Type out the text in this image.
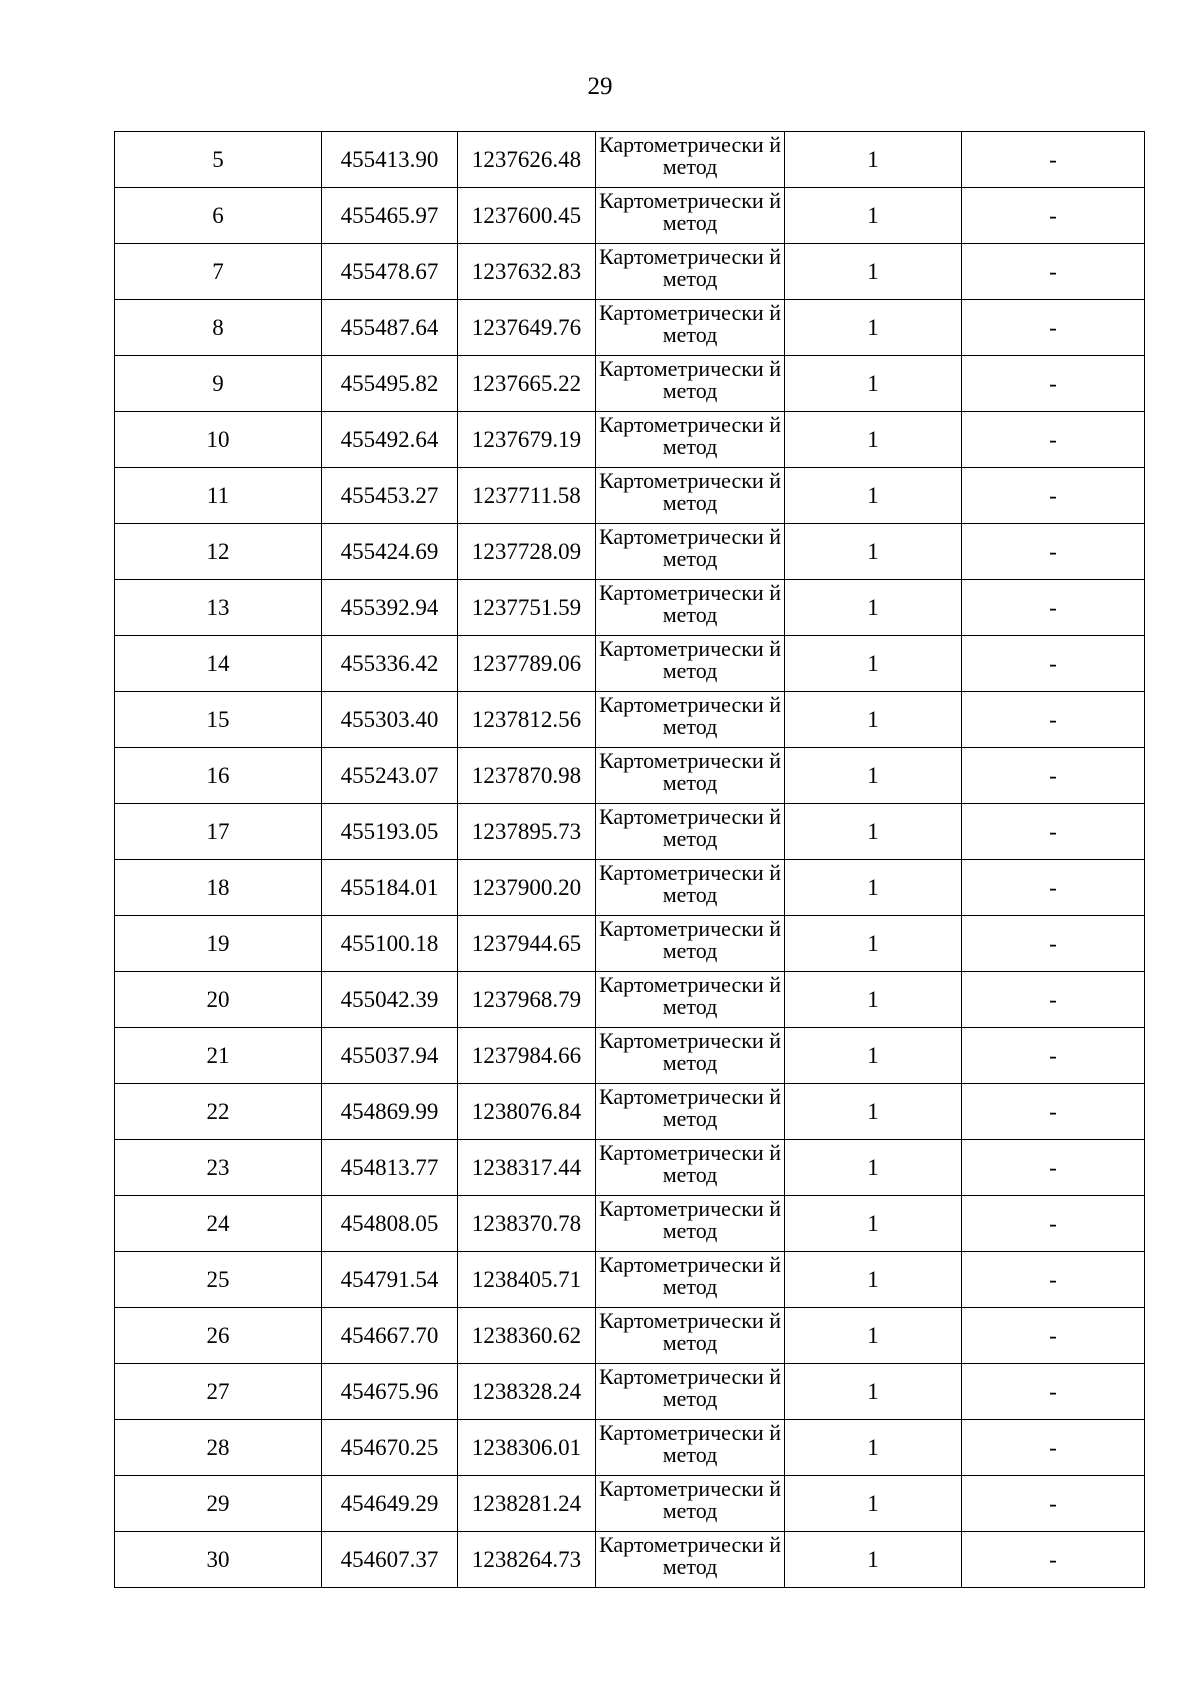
29
5	455413.90	1237626.48	Картометрически й метод	1	-
6	455465.97	1237600.45	Картометрически й метод	1	-
7	455478.67	1237632.83	Картометрически й метод	1	-
8	455487.64	1237649.76	Картометрически й метод	1	-
9	455495.82	1237665.22	Картометрически й метод	1	-
10	455492.64	1237679.19	Картометрически й метод	1	-
11	455453.27	1237711.58	Картометрически й метод	1	-
12	455424.69	1237728.09	Картометрически й метод	1	-
13	455392.94	1237751.59	Картометрически й метод	1	-
14	455336.42	1237789.06	Картометрически й метод	1	-
15	455303.40	1237812.56	Картометрически й метод	1	-
16	455243.07	1237870.98	Картометрически й метод	1	-
17	455193.05	1237895.73	Картометрически й метод	1	-
18	455184.01	1237900.20	Картометрически й метод	1	-
19	455100.18	1237944.65	Картометрически й метод	1	-
20	455042.39	1237968.79	Картометрически й метод	1	-
21	455037.94	1237984.66	Картометрически й метод	1	-
22	454869.99	1238076.84	Картометрически й метод	1	-
23	454813.77	1238317.44	Картометрически й метод	1	-
24	454808.05	1238370.78	Картометрически й метод	1	-
25	454791.54	1238405.71	Картометрически й метод	1	-
26	454667.70	1238360.62	Картометрически й метод	1	-
27	454675.96	1238328.24	Картометрически й метод	1	-
28	454670.25	1238306.01	Картометрически й метод	1	-
29	454649.29	1238281.24	Картометрически й метод	1	-
30	454607.37	1238264.73	Картометрически й метод	1	-
